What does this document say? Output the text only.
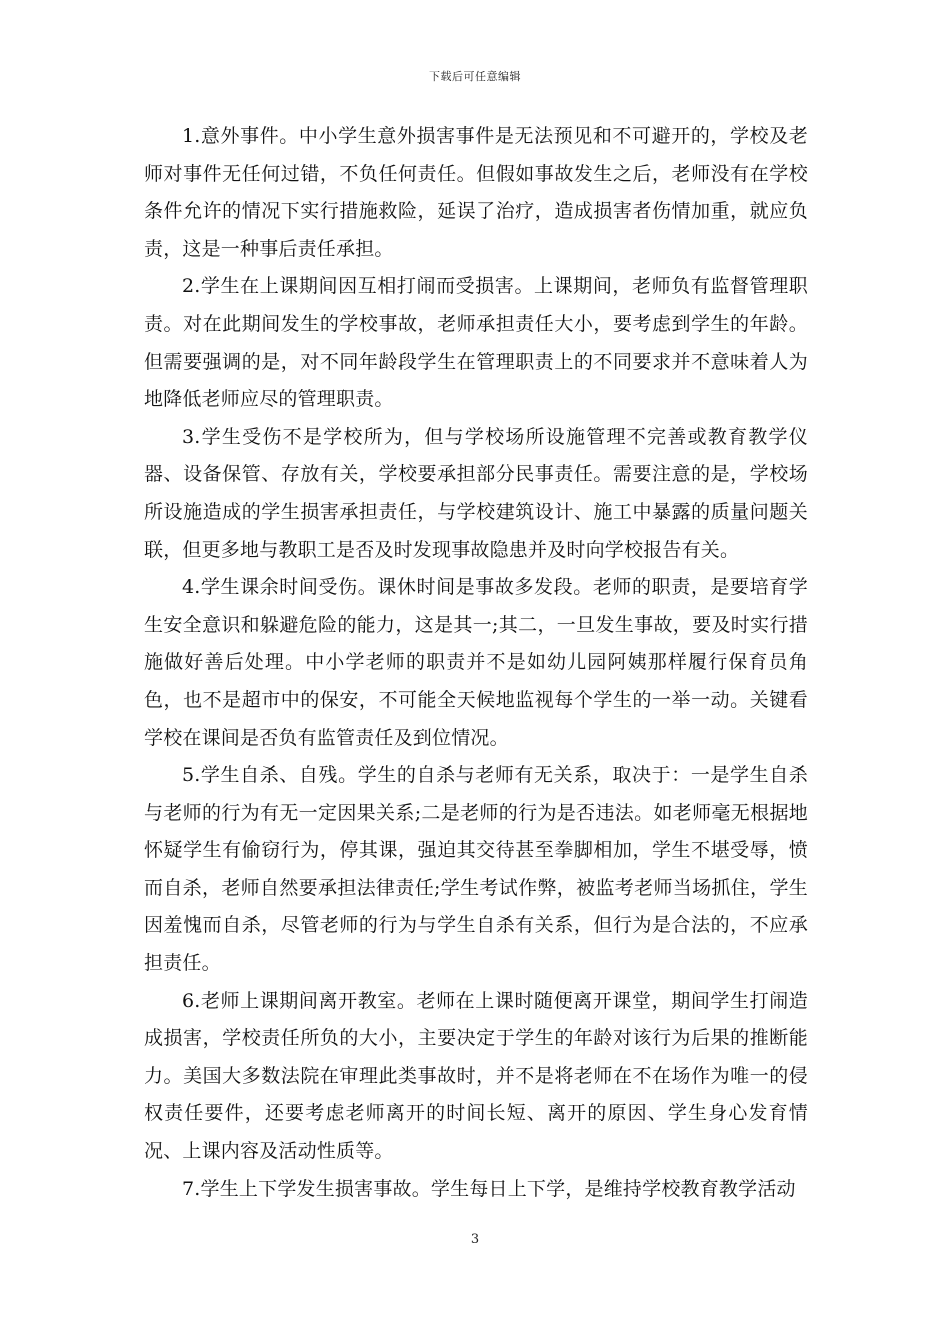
下载后可任意编辑

1.意外事件。中小学生意外损害事件是无法预见和不可避开的，学校及老师对事件无任何过错，不负任何责任。但假如事故发生之后，老师没有在学校条件允许的情况下实行措施救险，延误了治疗，造成损害者伤情加重，就应负责，这是一种事后责任承担。

2.学生在上课期间因互相打闹而受损害。上课期间，老师负有监督管理职责。对在此期间发生的学校事故，老师承担责任大小，要考虑到学生的年龄。但需要强调的是，对不同年龄段学生在管理职责上的不同要求并不意味着人为地降低老师应尽的管理职责。

3.学生受伤不是学校所为，但与学校场所设施管理不完善或教育教学仪器、设备保管、存放有关，学校要承担部分民事责任。需要注意的是，学校场所设施造成的学生损害承担责任，与学校建筑设计、施工中暴露的质量问题关联，但更多地与教职工是否及时发现事故隐患并及时向学校报告有关。

4.学生课余时间受伤。课休时间是事故多发段。老师的职责，是要培育学生安全意识和躲避危险的能力，这是其一;其二，一旦发生事故，要及时实行措施做好善后处理。中小学老师的职责并不是如幼儿园阿姨那样履行保育员角色，也不是超市中的保安，不可能全天候地监视每个学生的一举一动。关键看学校在课间是否负有监管责任及到位情况。

5.学生自杀、自残。学生的自杀与老师有无关系，取决于：一是学生自杀与老师的行为有无一定因果关系;二是老师的行为是否违法。如老师毫无根据地怀疑学生有偷窃行为，停其课，强迫其交待甚至拳脚相加，学生不堪受辱，愤而自杀，老师自然要承担法律责任;学生考试作弊，被监考老师当场抓住，学生因羞愧而自杀，尽管老师的行为与学生自杀有关系，但行为是合法的，不应承担责任。

6.老师上课期间离开教室。老师在上课时随便离开课堂，期间学生打闹造成损害，学校责任所负的大小，主要决定于学生的年龄对该行为后果的推断能力。美国大多数法院在审理此类事故时，并不是将老师在不在场作为唯一的侵权责任要件，还要考虑老师离开的时间长短、离开的原因、学生身心发育情况、上课内容及活动性质等。

7.学生上下学发生损害事故。学生每日上下学，是维持学校教育教学活动

3
